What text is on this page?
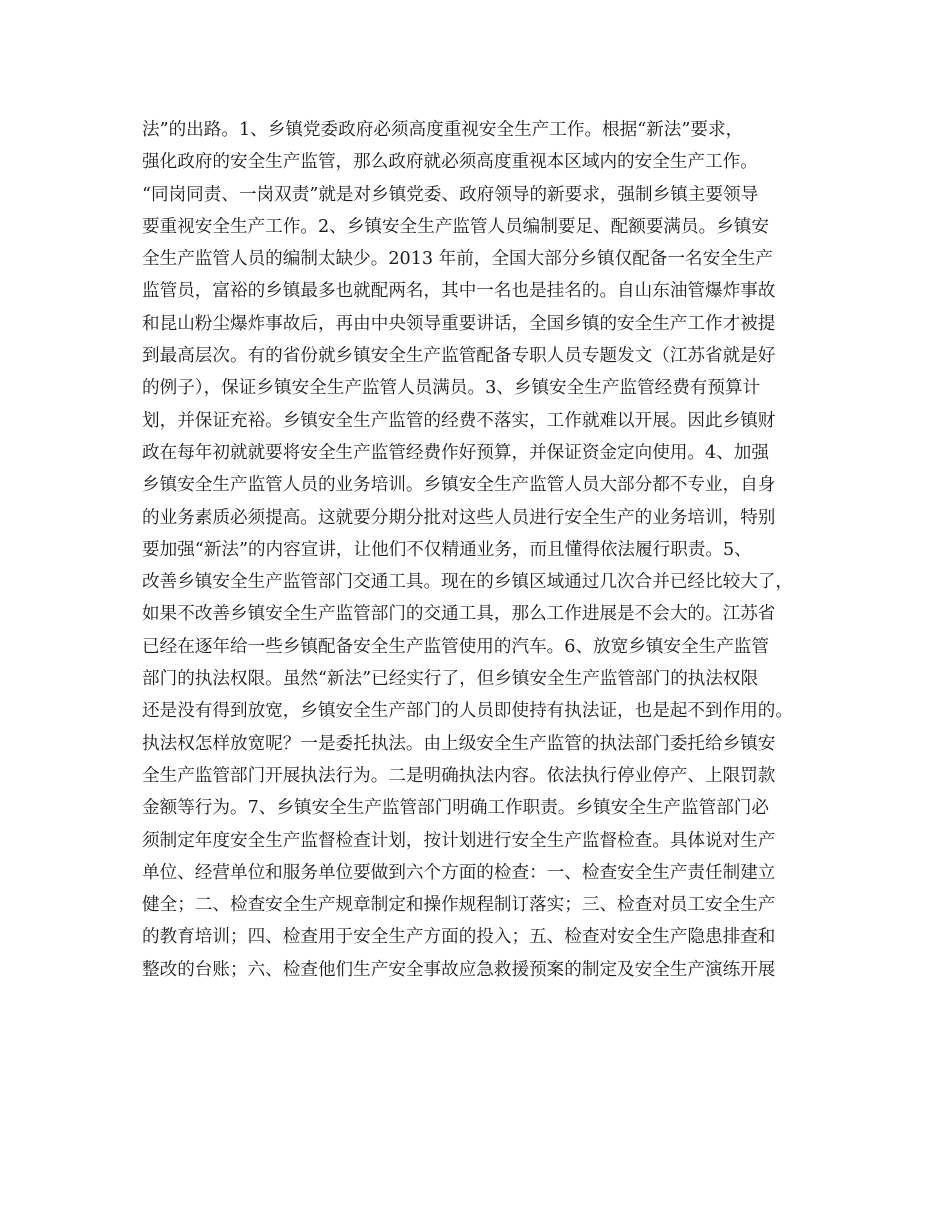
法”的出路。1、乡镇党委政府必须高度重视安全生产工作。根据“新法”要求，
强化政府的安全生产监管，那么政府就必须高度重视本区域内的安全生产工作。
“同岗同责、一岗双责”就是对乡镇党委、政府领导的新要求，强制乡镇主要领导
要重视安全生产工作。2、乡镇安全生产监管人员编制要足、配额要满员。乡镇安
全生产监管人员的编制太缺少。2013 年前，全国大部分乡镇仅配备一名安全生产
监管员，富裕的乡镇最多也就配两名，其中一名也是挂名的。自山东油管爆炸事故
和昆山粉尘爆炸事故后，再由中央领导重要讲话，全国乡镇的安全生产工作才被提
到最高层次。有的省份就乡镇安全生产监管配备专职人员专题发文（江苏省就是好
的例子），保证乡镇安全生产监管人员满员。3、乡镇安全生产监管经费有预算计
划，并保证充裕。乡镇安全生产监管的经费不落实，工作就难以开展。因此乡镇财
政在每年初就就要将安全生产监管经费作好预算，并保证资金定向使用。4、加强
乡镇安全生产监管人员的业务培训。乡镇安全生产监管人员大部分都不专业，自身
的业务素质必须提高。这就要分期分批对这些人员进行安全生产的业务培训，特别
要加强“新法”的内容宣讲，让他们不仅精通业务，而且懂得依法履行职责。5、
改善乡镇安全生产监管部门交通工具。现在的乡镇区域通过几次合并已经比较大了，
如果不改善乡镇安全生产监管部门的交通工具，那么工作进展是不会大的。江苏省
已经在逐年给一些乡镇配备安全生产监管使用的汽车。6、放宽乡镇安全生产监管
部门的执法权限。虽然“新法”已经实行了，但乡镇安全生产监管部门的执法权限
还是没有得到放宽，乡镇安全生产部门的人员即使持有执法证，也是起不到作用的。
执法权怎样放宽呢？一是委托执法。由上级安全生产监管的执法部门委托给乡镇安
全生产监管部门开展执法行为。二是明确执法内容。依法执行停业停产、上限罚款
金额等行为。7、乡镇安全生产监管部门明确工作职责。乡镇安全生产监管部门必
须制定年度安全生产监督检查计划，按计划进行安全生产监督检查。具体说对生产
单位、经营单位和服务单位要做到六个方面的检查：一、检查安全生产责任制建立
健全；二、检查安全生产规章制定和操作规程制订落实；三、检查对员工安全生产
的教育培训；四、检查用于安全生产方面的投入；五、检查对安全生产隐患排查和
整改的台账；六、检查他们生产安全事故应急救援预案的制定及安全生产演练开展
